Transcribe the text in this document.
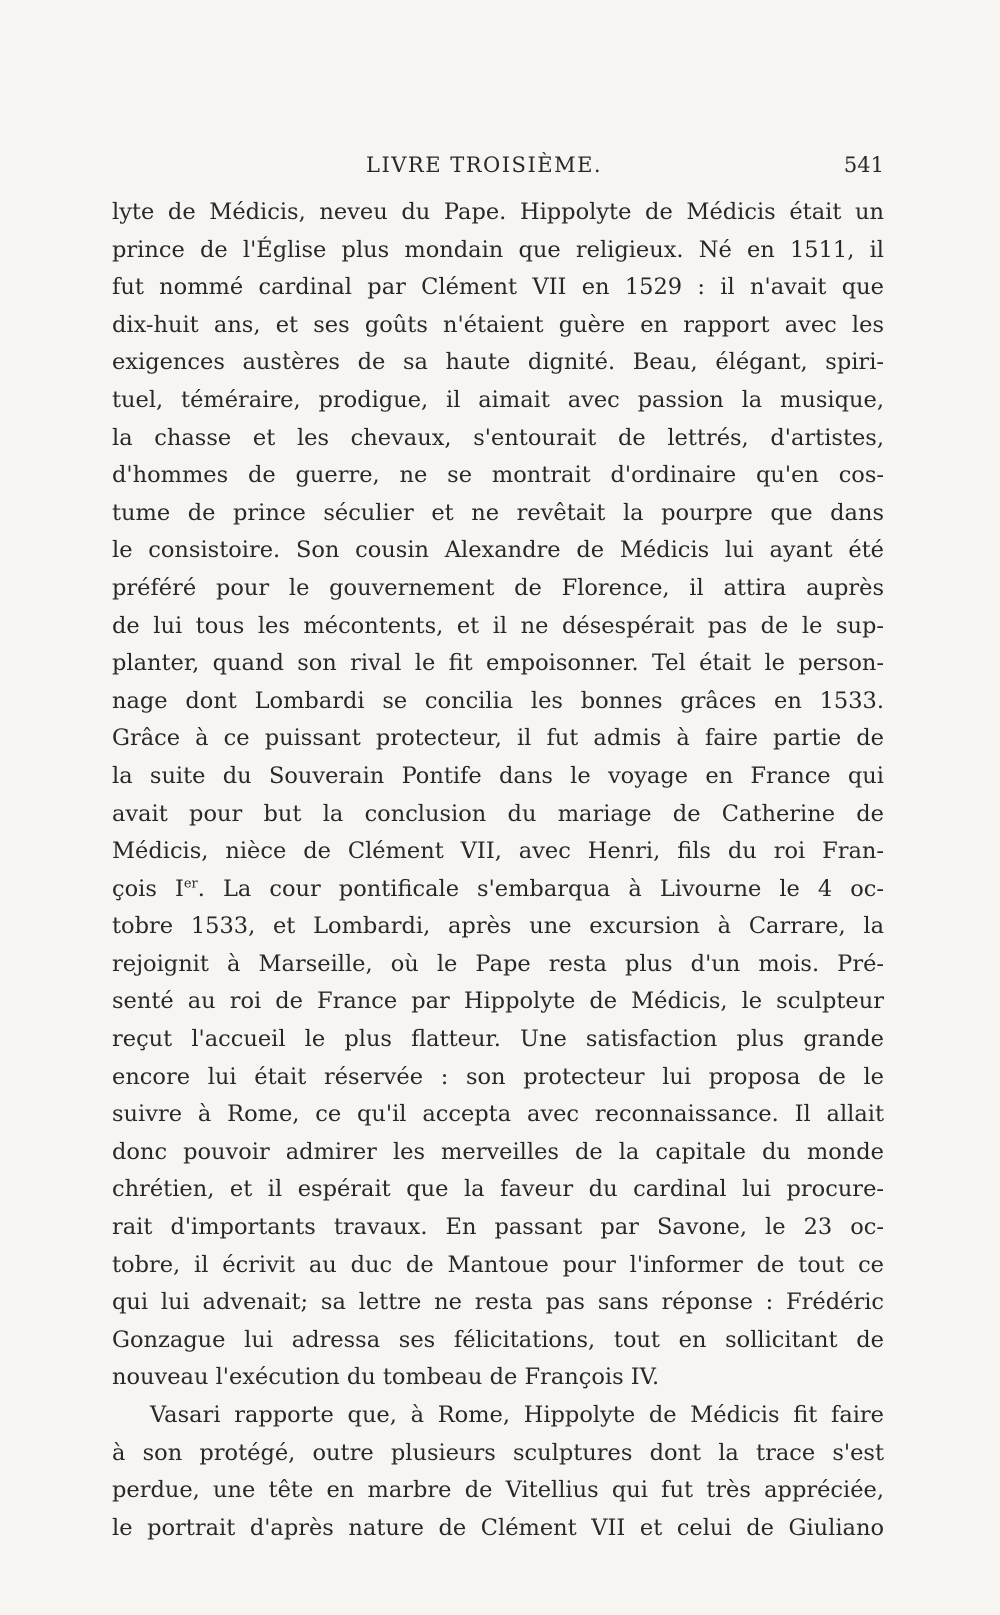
LIVRE TROISIÈME.	541
lyte de Médicis, neveu du Pape. Hippolyte de Médicis était un
prince de l'Église plus mondain que religieux. Né en 1511, il
fut nommé cardinal par Clément VII en 1529 : il n'avait que
dix-huit ans, et ses goûts n'étaient guère en rapport avec les
exigences austères de sa haute dignité. Beau, élégant, spiri-
tuel, téméraire, prodigue, il aimait avec passion la musique,
la chasse et les chevaux, s'entourait de lettrés, d'artistes,
d'hommes de guerre, ne se montrait d'ordinaire qu'en cos-
tume de prince séculier et ne revêtait la pourpre que dans
le consistoire. Son cousin Alexandre de Médicis lui ayant été
préféré pour le gouvernement de Florence, il attira auprès
de lui tous les mécontents, et il ne désespérait pas de le sup-
planter, quand son rival le fit empoisonner. Tel était le person-
nage dont Lombardi se concilia les bonnes grâces en 1533.
Grâce à ce puissant protecteur, il fut admis à faire partie de
la suite du Souverain Pontife dans le voyage en France qui
avait pour but la conclusion du mariage de Catherine de
Médicis, nièce de Clément VII, avec Henri, fils du roi Fran-
çois Ier. La cour pontificale s'embarqua à Livourne le 4 oc-
tobre 1533, et Lombardi, après une excursion à Carrare, la
rejoignit à Marseille, où le Pape resta plus d'un mois. Pré-
senté au roi de France par Hippolyte de Médicis, le sculpteur
reçut l'accueil le plus flatteur. Une satisfaction plus grande
encore lui était réservée : son protecteur lui proposa de le
suivre à Rome, ce qu'il accepta avec reconnaissance. Il allait
donc pouvoir admirer les merveilles de la capitale du monde
chrétien, et il espérait que la faveur du cardinal lui procure-
rait d'importants travaux. En passant par Savone, le 23 oc-
tobre, il écrivit au duc de Mantoue pour l'informer de tout ce
qui lui advenait; sa lettre ne resta pas sans réponse : Frédéric
Gonzague lui adressa ses félicitations, tout en sollicitant de
nouveau l'exécution du tombeau de François IV.
Vasari rapporte que, à Rome, Hippolyte de Médicis fit faire
à son protégé, outre plusieurs sculptures dont la trace s'est
perdue, une tête en marbre de Vitellius qui fut très appréciée,
le portrait d'après nature de Clément VII et celui de Giuliano
